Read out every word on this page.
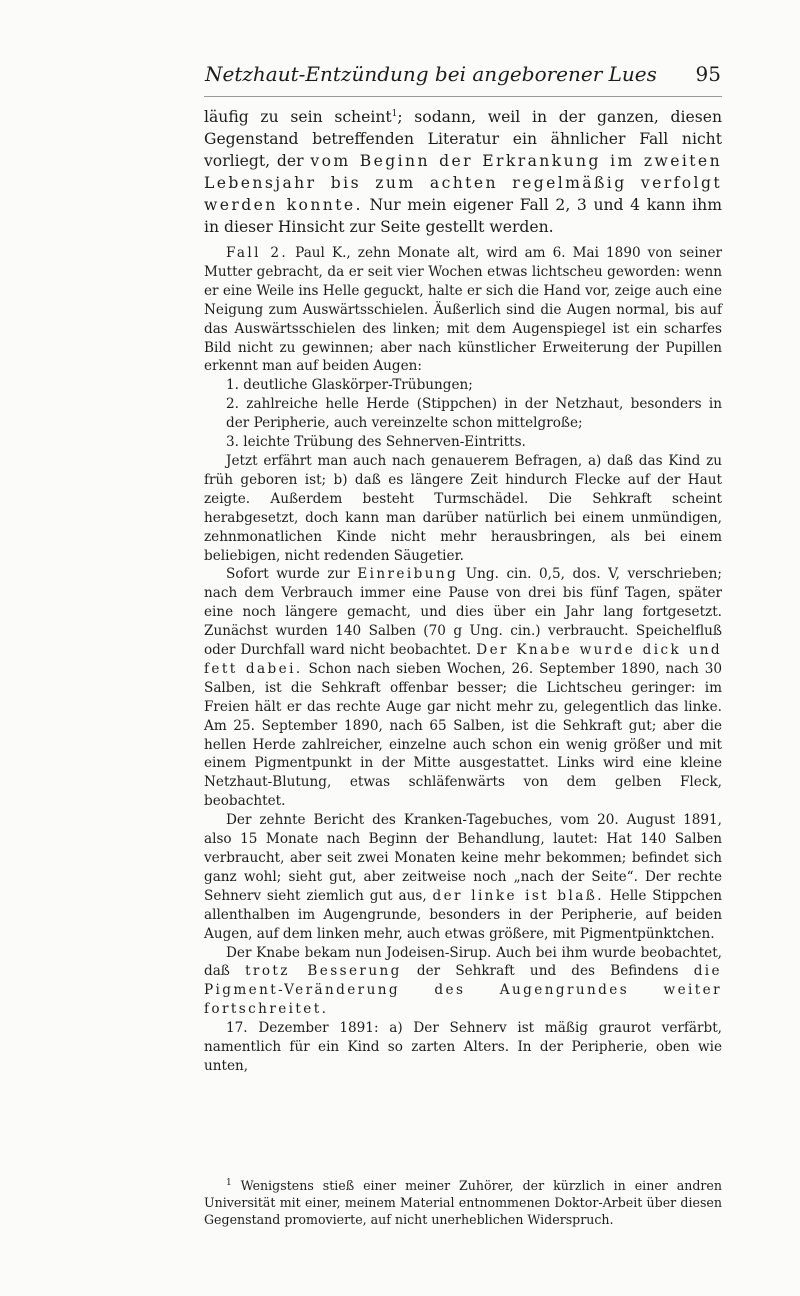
Netzhaut-Entzündung bei angeborener Lues 95

läufig zu sein scheint$^1$; sodann, weil in der ganzen, diesen Gegenstand betreffenden Literatur ein ähnlicher Fall nicht vorliegt, der vom Beginn der Erkrankung im zweiten Lebensjahr bis zum achten regelmäßig verfolgt werden konnte. Nur mein eigener Fall 2, 3 und 4 kann ihm in dieser Hinsicht zur Seite gestellt werden.

Fall 2. Paul K., zehn Monate alt, wird am 6. Mai 1890 von seiner Mutter gebracht, da er seit vier Wochen etwas lichtscheu geworden: wenn er eine Weile ins Helle geguckt, halte er sich die Hand vor, zeige auch eine Neigung zum Auswärtsschielen. Äußerlich sind die Augen normal, bis auf das Auswärtsschielen des linken; mit dem Augenspiegel ist ein scharfes Bild nicht zu gewinnen; aber nach künstlicher Erweiterung der Pupillen erkennt man auf beiden Augen:

1. deutliche Glaskörper-Trübungen;

2. zahlreiche helle Herde (Stippchen) in der Netzhaut, besonders in der Peripherie, auch vereinzelte schon mittelgroße;

3. leichte Trübung des Sehnerven-Eintritts.

Jetzt erfährt man auch nach genauerem Befragen, a) daß das Kind zu früh geboren ist; b) daß es längere Zeit hindurch Flecke auf der Haut zeigte. Außerdem besteht Turmschädel. Die Sehkraft scheint herabgesetzt, doch kann man darüber natürlich bei einem unmündigen, zehnmonatlichen Kinde nicht mehr herausbringen, als bei einem beliebigen, nicht redenden Säugetier.

Sofort wurde zur Einreibung Ung. cin. 0,5, dos. V, verschrieben; nach dem Verbrauch immer eine Pause von drei bis fünf Tagen, später eine noch längere gemacht, und dies über ein Jahr lang fortgesetzt. Zunächst wurden 140 Salben (70 g Ung. cin.) verbraucht. Speichelfluß oder Durchfall ward nicht beobachtet. Der Knabe wurde dick und fett dabei. Schon nach sieben Wochen, 26. September 1890, nach 30 Salben, ist die Sehkraft offenbar besser; die Lichtscheu geringer: im Freien hält er das rechte Auge gar nicht mehr zu, gelegentlich das linke. Am 25. September 1890, nach 65 Salben, ist die Sehkraft gut; aber die hellen Herde zahlreicher, einzelne auch schon ein wenig größer und mit einem Pigmentpunkt in der Mitte ausgestattet. Links wird eine kleine Netzhaut-Blutung, etwas schläfenwärts von dem gelben Fleck, beobachtet.

Der zehnte Bericht des Kranken-Tagebuches, vom 20. August 1891, also 15 Monate nach Beginn der Behandlung, lautet: Hat 140 Salben verbraucht, aber seit zwei Monaten keine mehr bekommen; befindet sich ganz wohl; sieht gut, aber zeitweise noch „nach der Seite“. Der rechte Sehnerv sieht ziemlich gut aus, der linke ist blaß. Helle Stippchen allenthalben im Augengrunde, besonders in der Peripherie, auf beiden Augen, auf dem linken mehr, auch etwas größere, mit Pigmentpünktchen.

Der Knabe bekam nun Jodeisen-Sirup. Auch bei ihm wurde beobachtet, daß trotz Besserung der Sehkraft und des Befindens die Pigment-Veränderung des Augengrundes weiter fortschreitet.

17. Dezember 1891: a) Der Sehnerv ist mäßig graurot verfärbt, namentlich für ein Kind so zarten Alters. In der Peripherie, oben wie unten,

$^1$ Wenigstens stieß einer meiner Zuhörer, der kürzlich in einer andren Universität mit einer, meinem Material entnommenen Doktor-Arbeit über diesen Gegenstand promovierte, auf nicht unerheblichen Widerspruch.
